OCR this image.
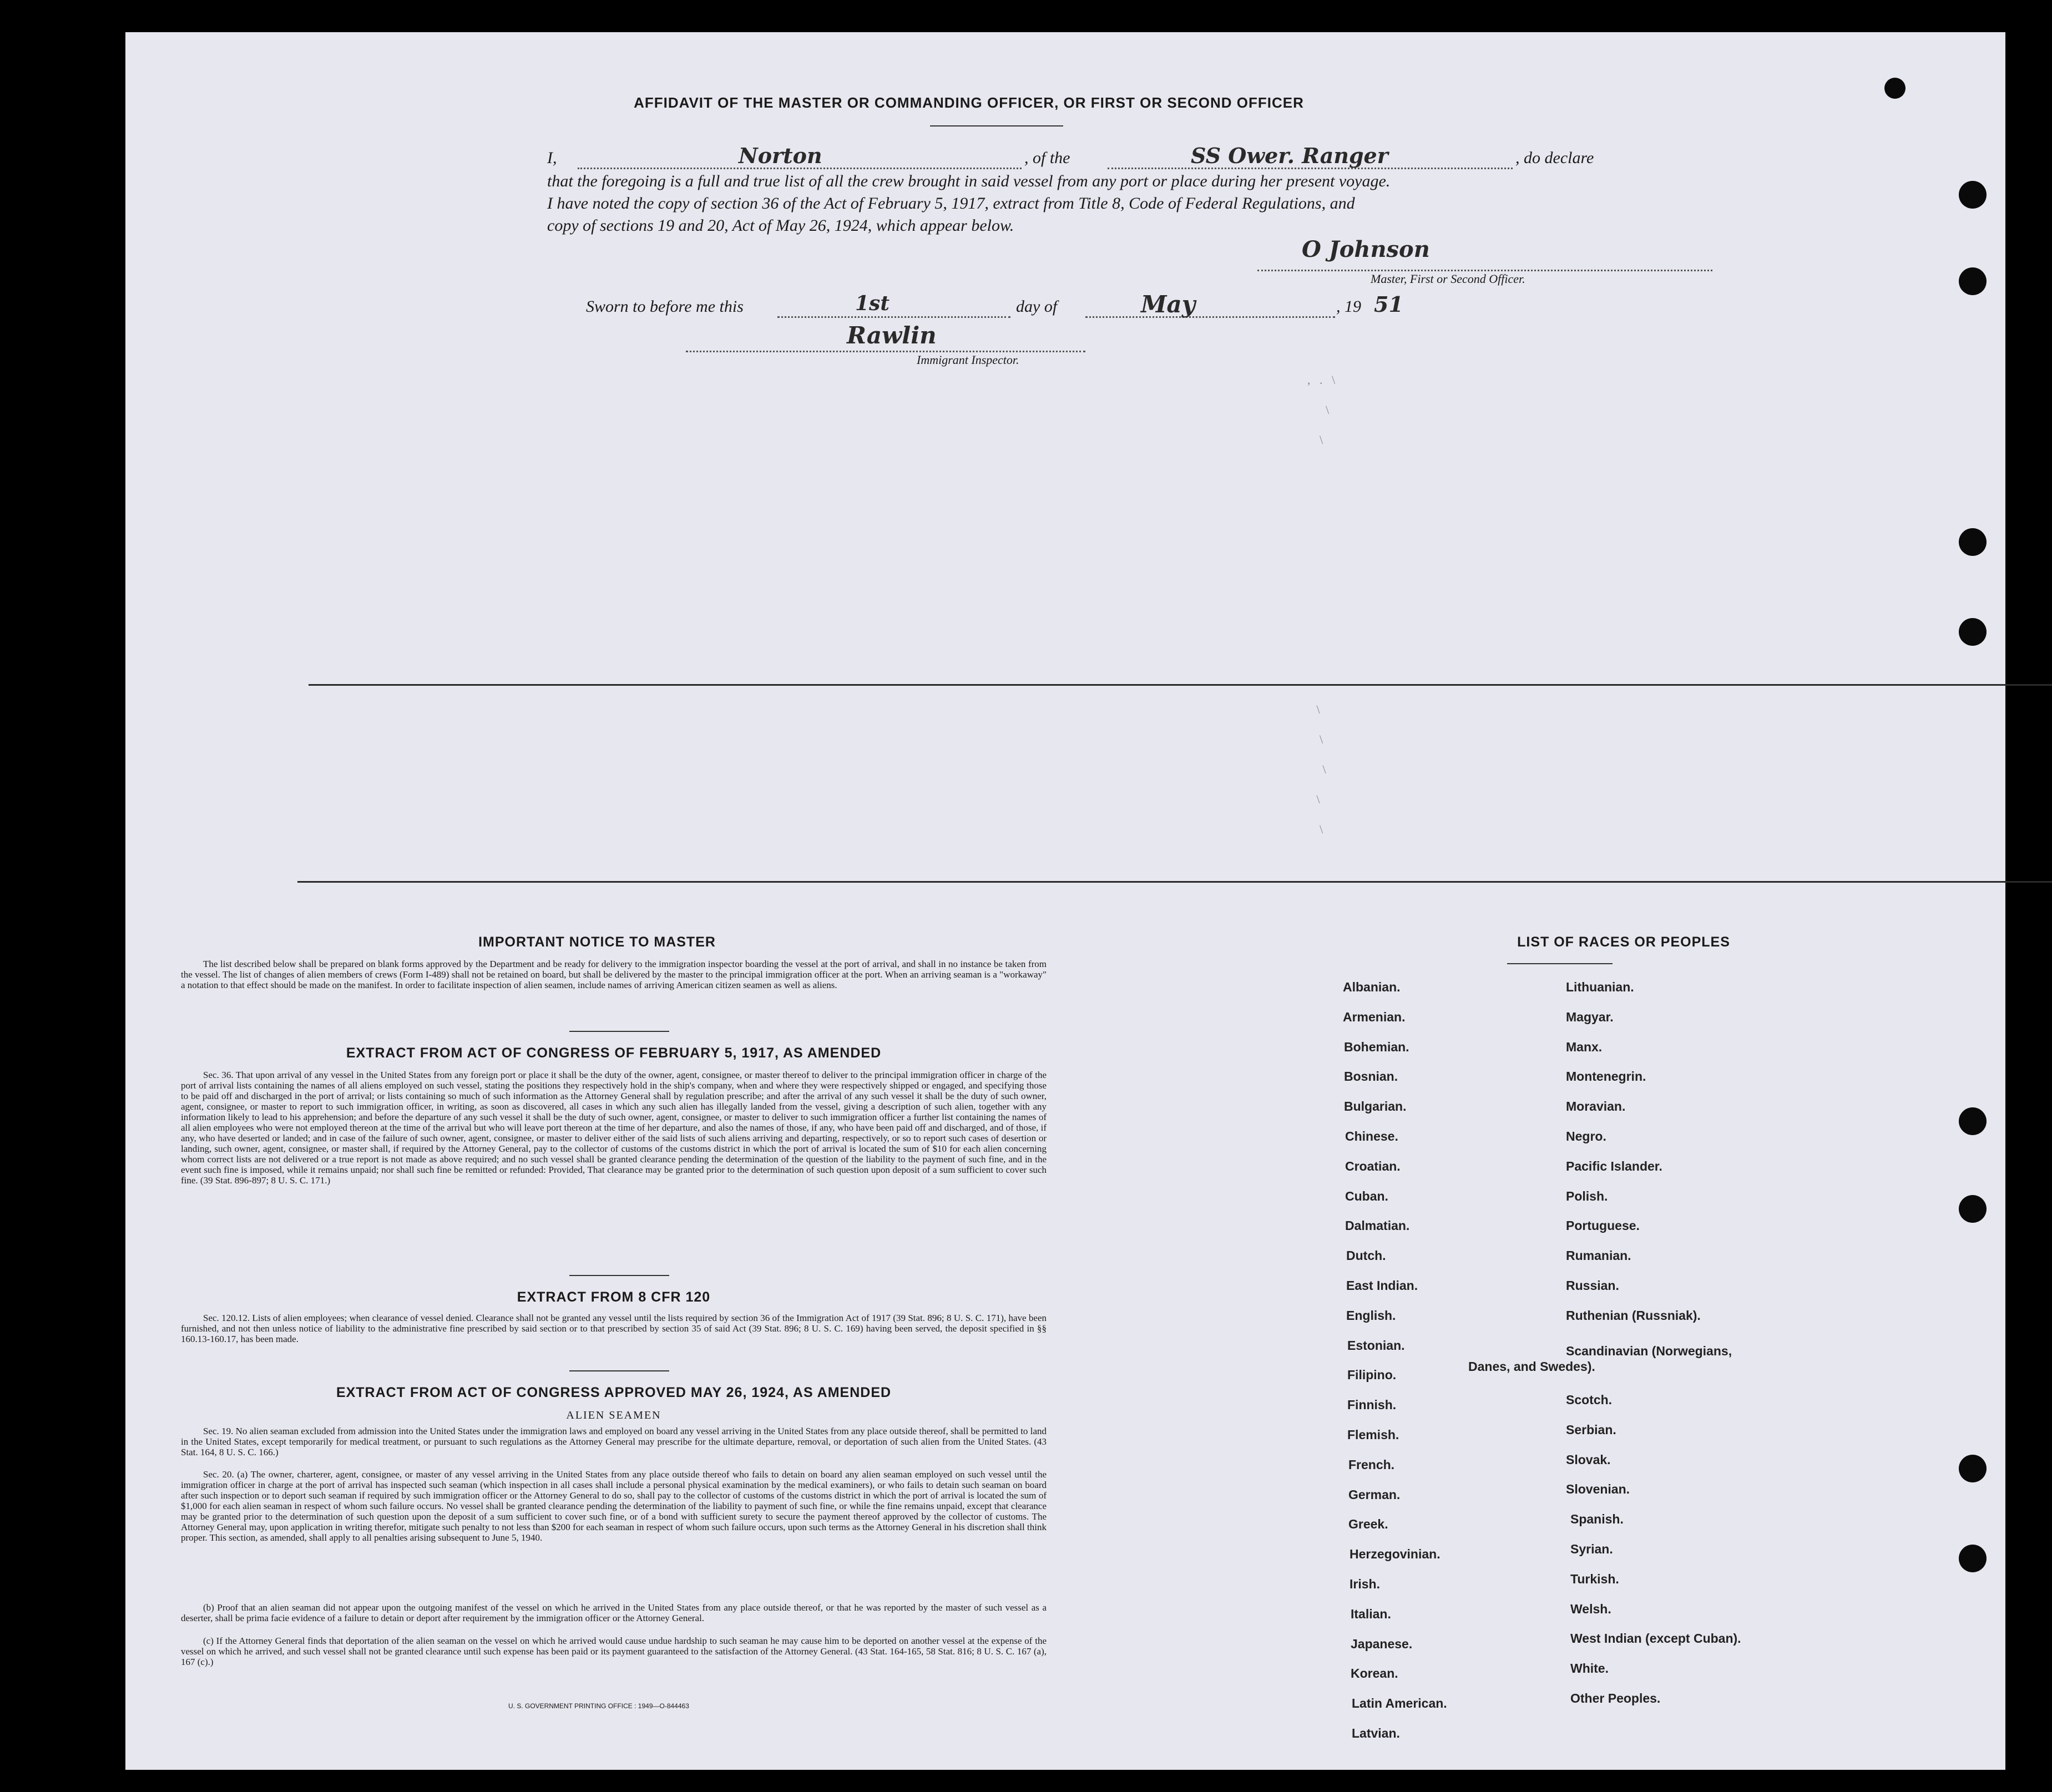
AFFIDAVIT OF THE MASTER OR COMMANDING OFFICER, OR FIRST OR SECOND OFFICER
I,	Norton	, of the	SS Ower. Ranger	, do declare
that the foregoing is a full and true list of all the crew brought in said vessel from any port or place during her present voyage.
I have noted the copy of section 36 of the Act of February 5, 1917, extract from Title 8, Code of Federal Regulations, and
copy of sections 19 and 20, Act of May 26, 1924, which appear below.
O Johnson
Master, First or Second Officer.
Sworn to before me this	1st	day of	May	, 19 51
Rawlin
Immigrant Inspector.
,   .   \
\
\

\
\
\
\
\
IMPORTANT NOTICE TO MASTER
The list described below shall be prepared on blank forms approved by the Department and be ready for delivery to the immigration inspector boarding the vessel at the port of arrival, and shall in no instance be taken from the vessel. The list of changes of alien members of crews (Form I-489) shall not be retained on board, but shall be delivered by the master to the principal immigration officer at the port. When an arriving seaman is a "workaway" a notation to that effect should be made on the manifest. In order to facilitate inspection of alien seamen, include names of arriving American citizen seamen as well as aliens.
EXTRACT FROM ACT OF CONGRESS OF FEBRUARY 5, 1917, AS AMENDED
Sec. 36. That upon arrival of any vessel in the United States from any foreign port or place it shall be the duty of the owner, agent, consignee, or master thereof to deliver to the principal immigration officer in charge of the port of arrival lists containing the names of all aliens employed on such vessel, stating the positions they respectively hold in the ship's company, when and where they were respectively shipped or engaged, and specifying those to be paid off and discharged in the port of arrival; or lists containing so much of such information as the Attorney General shall by regulation prescribe; and after the arrival of any such vessel it shall be the duty of such owner, agent, consignee, or master to report to such immigration officer, in writing, as soon as discovered, all cases in which any such alien has illegally landed from the vessel, giving a description of such alien, together with any information likely to lead to his apprehension; and before the departure of any such vessel it shall be the duty of such owner, agent, consignee, or master to deliver to such immigration officer a further list containing the names of all alien employees who were not employed thereon at the time of the arrival but who will leave port thereon at the time of her departure, and also the names of those, if any, who have been paid off and discharged, and of those, if any, who have deserted or landed; and in case of the failure of such owner, agent, consignee, or master to deliver either of the said lists of such aliens arriving and departing, respectively, or so to report such cases of desertion or landing, such owner, agent, consignee, or master shall, if required by the Attorney General, pay to the collector of customs of the customs district in which the port of arrival is located the sum of $10 for each alien concerning whom correct lists are not delivered or a true report is not made as above required; and no such vessel shall be granted clearance pending the determination of the question of the liability to the payment of such fine, and in the event such fine is imposed, while it remains unpaid; nor shall such fine be remitted or refunded: Provided, That clearance may be granted prior to the determination of such question upon deposit of a sum sufficient to cover such fine. (39 Stat. 896-897; 8 U. S. C. 171.)
EXTRACT FROM 8 CFR 120
Sec. 120.12. Lists of alien employees; when clearance of vessel denied. Clearance shall not be granted any vessel until the lists required by section 36 of the Immigration Act of 1917 (39 Stat. 896; 8 U. S. C. 171), have been furnished, and not then unless notice of liability to the administrative fine prescribed by said section or to that prescribed by section 35 of said Act (39 Stat. 896; 8 U. S. C. 169) having been served, the deposit specified in §§ 160.13-160.17, has been made.
EXTRACT FROM ACT OF CONGRESS APPROVED MAY 26, 1924, AS AMENDED
ALIEN SEAMEN
Sec. 19. No alien seaman excluded from admission into the United States under the immigration laws and employed on board any vessel arriving in the United States from any place outside thereof, shall be permitted to land in the United States, except temporarily for medical treatment, or pursuant to such regulations as the Attorney General may prescribe for the ultimate departure, removal, or deportation of such alien from the United States. (43 Stat. 164, 8 U. S. C. 166.)
Sec. 20. (a) The owner, charterer, agent, consignee, or master of any vessel arriving in the United States from any place outside thereof who fails to detain on board any alien seaman employed on such vessel until the immigration officer in charge at the port of arrival has inspected such seaman (which inspection in all cases shall include a personal physical examination by the medical examiners), or who fails to detain such seaman on board after such inspection or to deport such seaman if required by such immigration officer or the Attorney General to do so, shall pay to the collector of customs of the customs district in which the port of arrival is located the sum of $1,000 for each alien seaman in respect of whom such failure occurs. No vessel shall be granted clearance pending the determination of the liability to payment of such fine, or while the fine remains unpaid, except that clearance may be granted prior to the determination of such question upon the deposit of a sum sufficient to cover such fine, or of a bond with sufficient surety to secure the payment thereof approved by the collector of customs. The Attorney General may, upon application in writing therefor, mitigate such penalty to not less than $200 for each seaman in respect of whom such failure occurs, upon such terms as the Attorney General in his discretion shall think proper. This section, as amended, shall apply to all penalties arising subsequent to June 5, 1940.
(b) Proof that an alien seaman did not appear upon the outgoing manifest of the vessel on which he arrived in the United States from any place outside thereof, or that he was reported by the master of such vessel as a deserter, shall be prima facie evidence of a failure to detain or deport after requirement by the immigration officer or the Attorney General.
(c) If the Attorney General finds that deportation of the alien seaman on the vessel on which he arrived would cause undue hardship to such seaman he may cause him to be deported on another vessel at the expense of the vessel on which he arrived, and such vessel shall not be granted clearance until such expense has been paid or its payment guaranteed to the satisfaction of the Attorney General. (43 Stat. 164-165, 58 Stat. 816; 8 U. S. C. 167 (a), 167 (c).)
U. S. GOVERNMENT PRINTING OFFICE : 1949—O-844463
LIST OF RACES OR PEOPLES
Albanian.
Armenian.
Bohemian.
Bosnian.
Bulgarian.
Chinese.
Croatian.
Cuban.
Dalmatian.
Dutch.
East Indian.
English.
Estonian.
Filipino.
Finnish.
Flemish.
French.
German.
Greek.
Herzegovinian.
Irish.
Italian.
Japanese.
Korean.
Latin American.
Latvian.
Lithuanian.
Magyar.
Manx.
Montenegrin.
Moravian.
Negro.
Pacific Islander.
Polish.
Portuguese.
Rumanian.
Russian.
Ruthenian (Russniak).
Scandinavian (Norwegians,
Danes, and Swedes).
Scotch.
Serbian.
Slovak.
Slovenian.
Spanish.
Syrian.
Turkish.
Welsh.
West Indian (except Cuban).
White.
Other Peoples.
